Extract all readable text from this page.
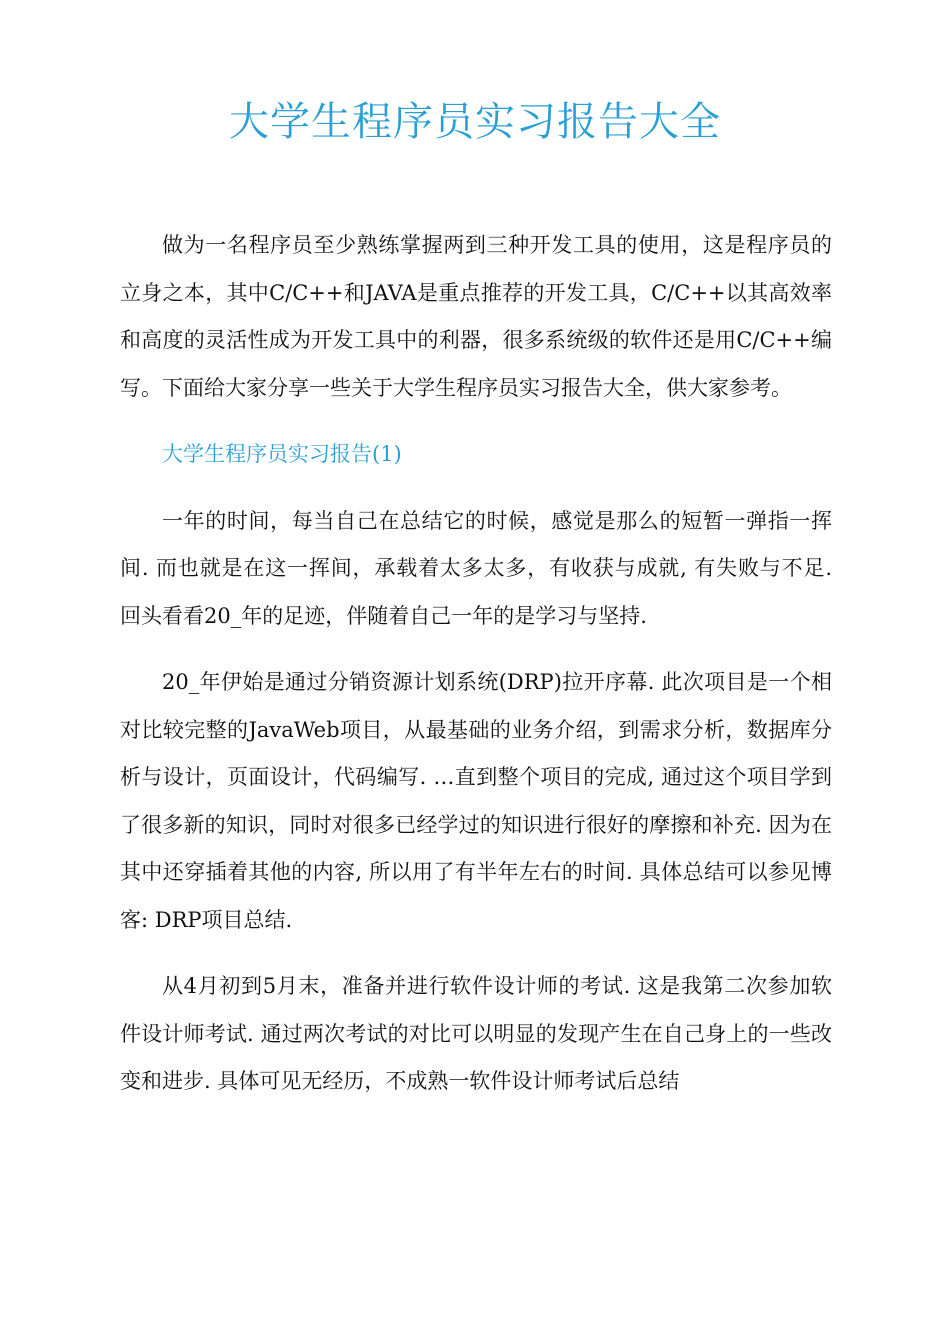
大学生程序员实习报告大全

做为一名程序员至少熟练掌握两到三种开发工具的使用，这是程序员的立身之本，其中C/C++和JAVA是重点推荐的开发工具，C/C++以其高效率和高度的灵活性成为开发工具中的利器，很多系统级的软件还是用C/C++编写。下面给大家分享一些关于大学生程序员实习报告大全，供大家参考。

大学生程序员实习报告(1)

一年的时间，每当自己在总结它的时候，感觉是那么的短暂一弹指一挥间. 而也就是在这一挥间，承载着太多太多，有收获与成就, 有失败与不足. 回头看看20_年的足迹，伴随着自己一年的是学习与坚持.

20_年伊始是通过分销资源计划系统(DRP)拉开序幕. 此次项目是一个相对比较完整的JavaWeb项目，从最基础的业务介绍，到需求分析，数据库分析与设计，页面设计，代码编写. …直到整个项目的完成, 通过这个项目学到了很多新的知识，同时对很多已经学过的知识进行很好的摩擦和补充. 因为在其中还穿插着其他的内容, 所以用了有半年左右的时间. 具体总结可以参见博客: DRP项目总结.

从4月初到5月末，准备并进行软件设计师的考试. 这是我第二次参加软件设计师考试. 通过两次考试的对比可以明显的发现产生在自己身上的一些改变和进步. 具体可见无经历，不成熟一软件设计师考试后总结
